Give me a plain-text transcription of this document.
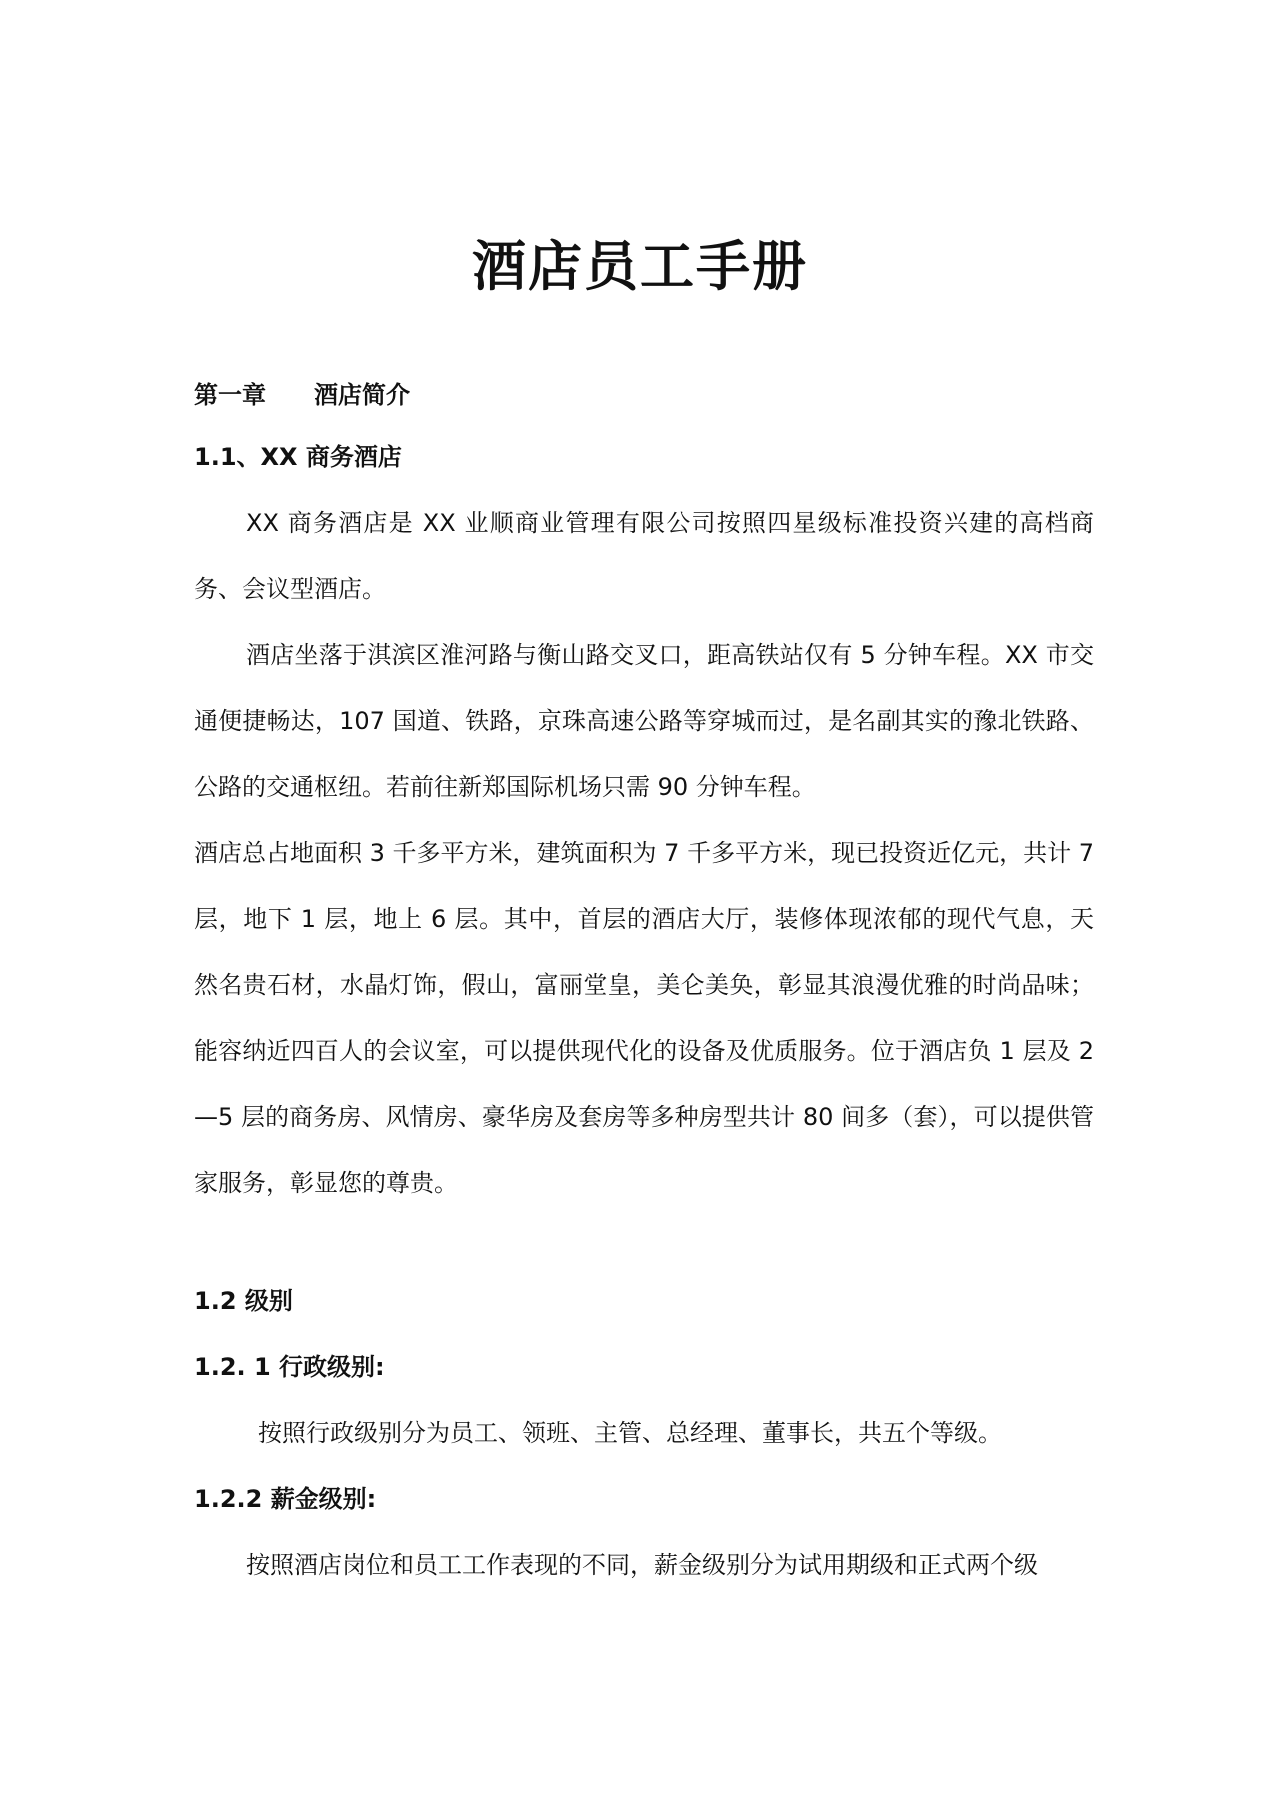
酒店员工手册

第一章　　酒店简介

1.1、XX 商务酒店

XX 商务酒店是 XX 业顺商业管理有限公司按照四星级标准投资兴建的高档商务、会议型酒店。

酒店坐落于淇滨区淮河路与衡山路交叉口，距高铁站仅有 5 分钟车程。XX 市交通便捷畅达，107 国道、铁路，京珠高速公路等穿城而过，是名副其实的豫北铁路、公路的交通枢纽。若前往新郑国际机场只需 90 分钟车程。

酒店总占地面积 3 千多平方米，建筑面积为 7 千多平方米，现已投资近亿元，共计 7 层，地下 1 层，地上 6 层。其中，首层的酒店大厅，装修体现浓郁的现代气息，天然名贵石材，水晶灯饰，假山，富丽堂皇，美仑美奂，彰显其浪漫优雅的时尚品味；能容纳近四百人的会议室，可以提供现代化的设备及优质服务。位于酒店负 1 层及 2—5 层的商务房、风情房、豪华房及套房等多种房型共计 80 间多（套），可以提供管家服务，彰显您的尊贵。

1.2 级别

1.2. 1 行政级别:

按照行政级别分为员工、领班、主管、总经理、董事长，共五个等级。

1.2.2 薪金级别:

按照酒店岗位和员工工作表现的不同，薪金级别分为试用期级和正式两个级
